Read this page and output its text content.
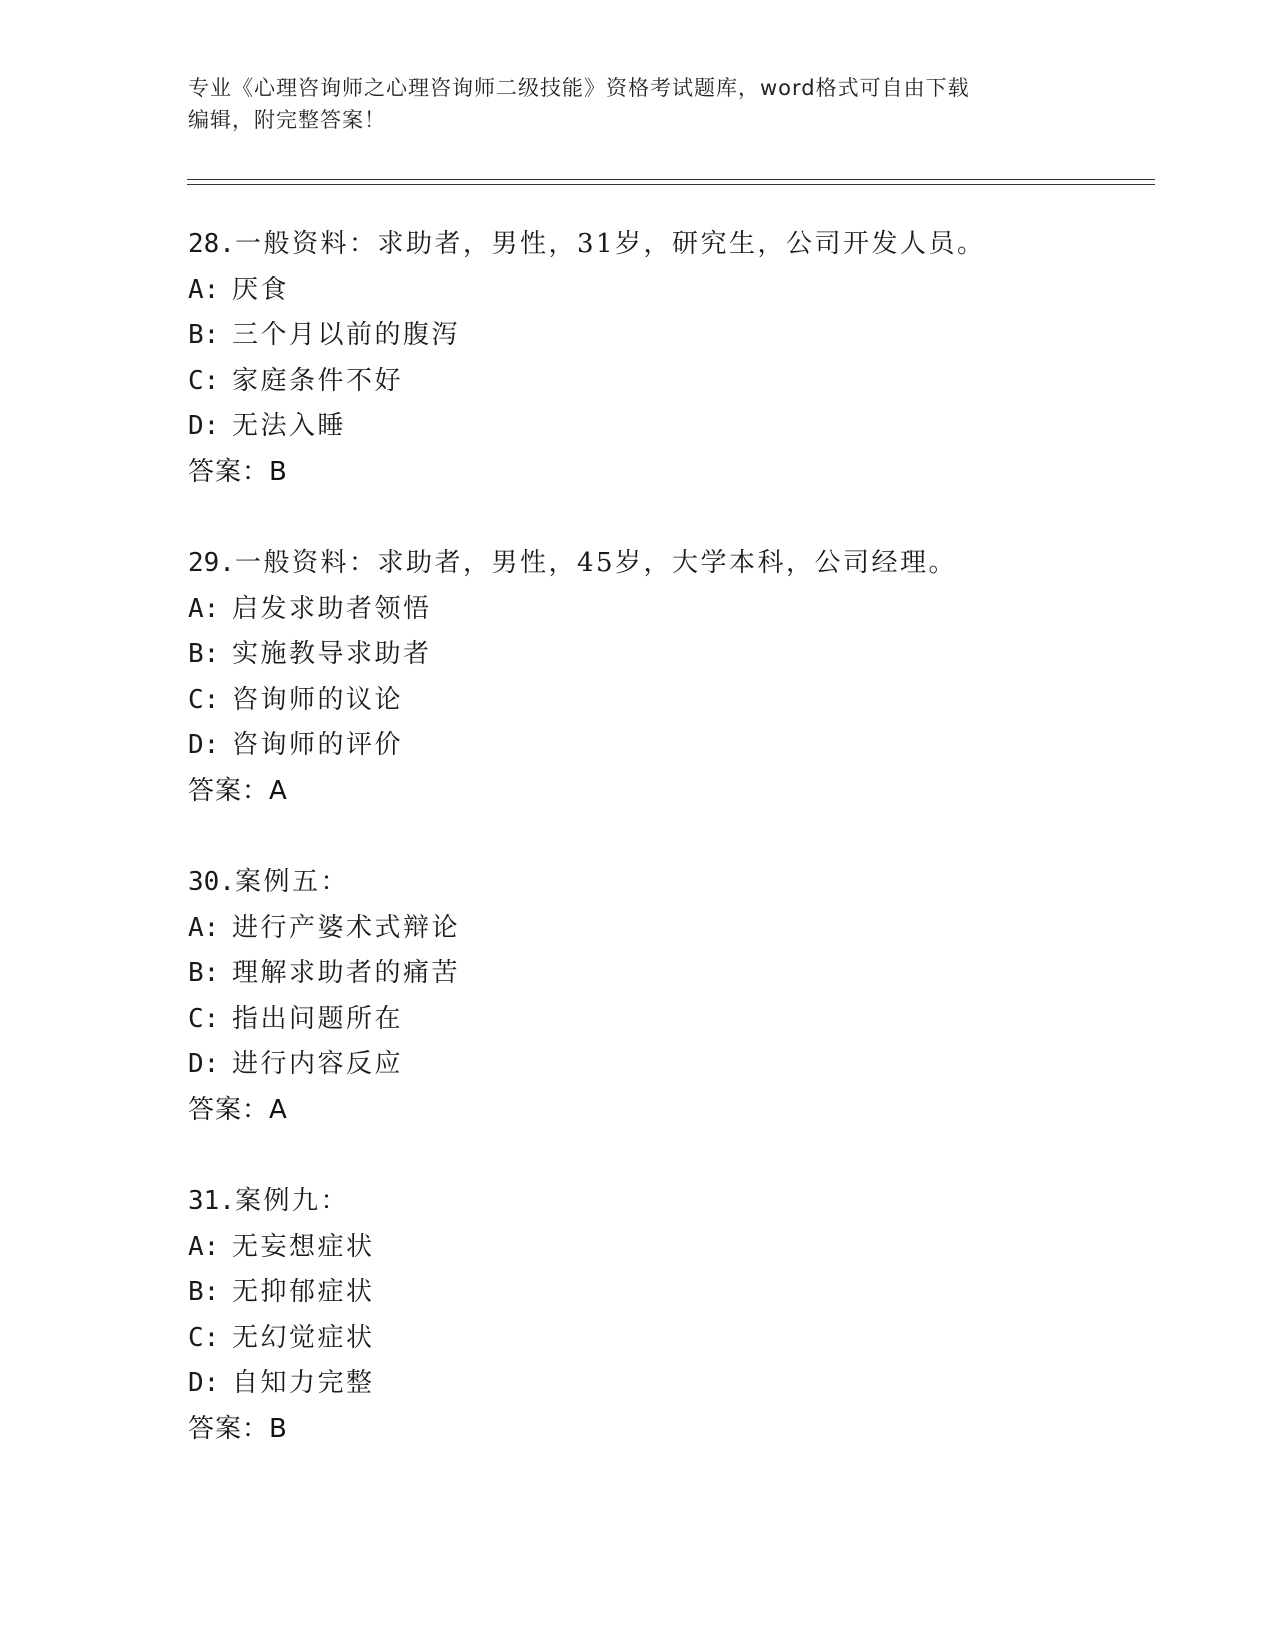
专业《心理咨询师之心理咨询师二级技能》资格考试题库，word格式可自由下载
编辑，附完整答案！
28.一般资料：求助者，男性，31岁，研究生，公司开发人员。
A: 厌食
B: 三个月以前的腹泻
C: 家庭条件不好
D: 无法入睡
答案：B
29.一般资料：求助者，男性，45岁，大学本科，公司经理。
A: 启发求助者领悟
B: 实施教导求助者
C: 咨询师的议论
D: 咨询师的评价
答案：A
30.案例五：
A: 进行产婆术式辩论
B: 理解求助者的痛苦
C: 指出问题所在
D: 进行内容反应
答案：A
31.案例九：
A: 无妄想症状
B: 无抑郁症状
C: 无幻觉症状
D: 自知力完整
答案：B
